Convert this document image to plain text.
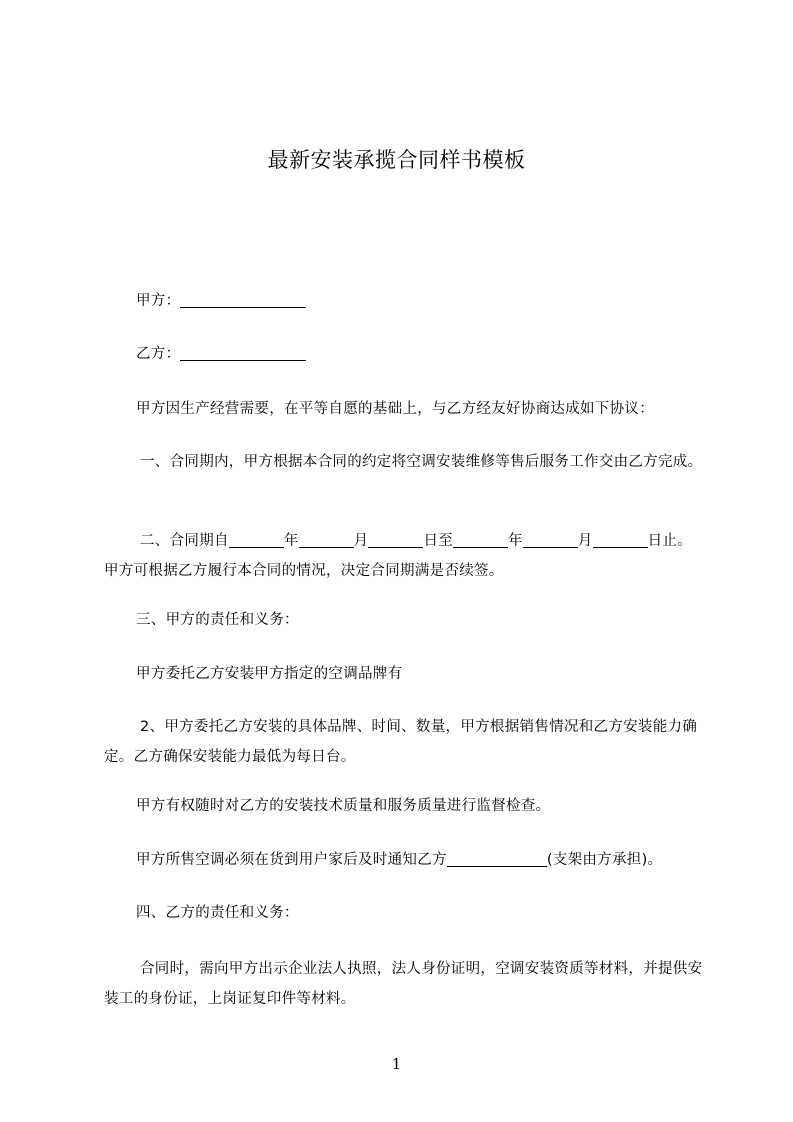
最新安装承揽合同样书模板
甲方：
乙方：
甲方因生产经营需要，在平等自愿的基础上，与乙方经友好协商达成如下协议：
一、合同期内，甲方根据本合同的约定将空调安装维修等售后服务工作交由乙方完成。
二、合同期自	年	月	日至	年	月	日止。
甲方可根据乙方履行本合同的情况，决定合同期满是否续签。
三、甲方的责任和义务：
甲方委托乙方安装甲方指定的空调品牌有
2、甲方委托乙方安装的具体品牌、时间、数量，甲方根据销售情况和乙方安装能力确定。乙方确保安装能力最低为每日台。
甲方有权随时对乙方的安装技术质量和服务质量进行监督检查。
甲方所售空调必须在货到用户家后及时通知乙方	(支架由方承担)。
四、乙方的责任和义务：
合同时，需向甲方出示企业法人执照，法人身份证明，空调安装资质等材料，并提供安装工的身份证，上岗证复印件等材料。
1
